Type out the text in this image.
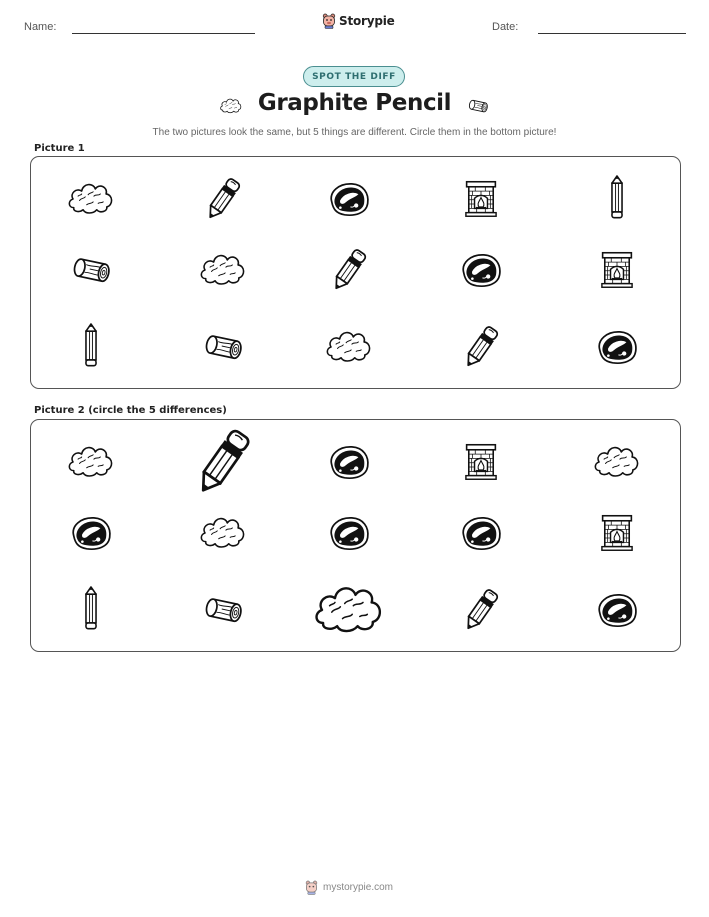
Name:	Storypie	Date:
SPOT THE DIFF
Graphite Pencil
The two pictures look the same, but 5 things are different. Circle them in the bottom picture!
Picture 1
Picture 2 (circle the 5 differences)
mystorypie.com
